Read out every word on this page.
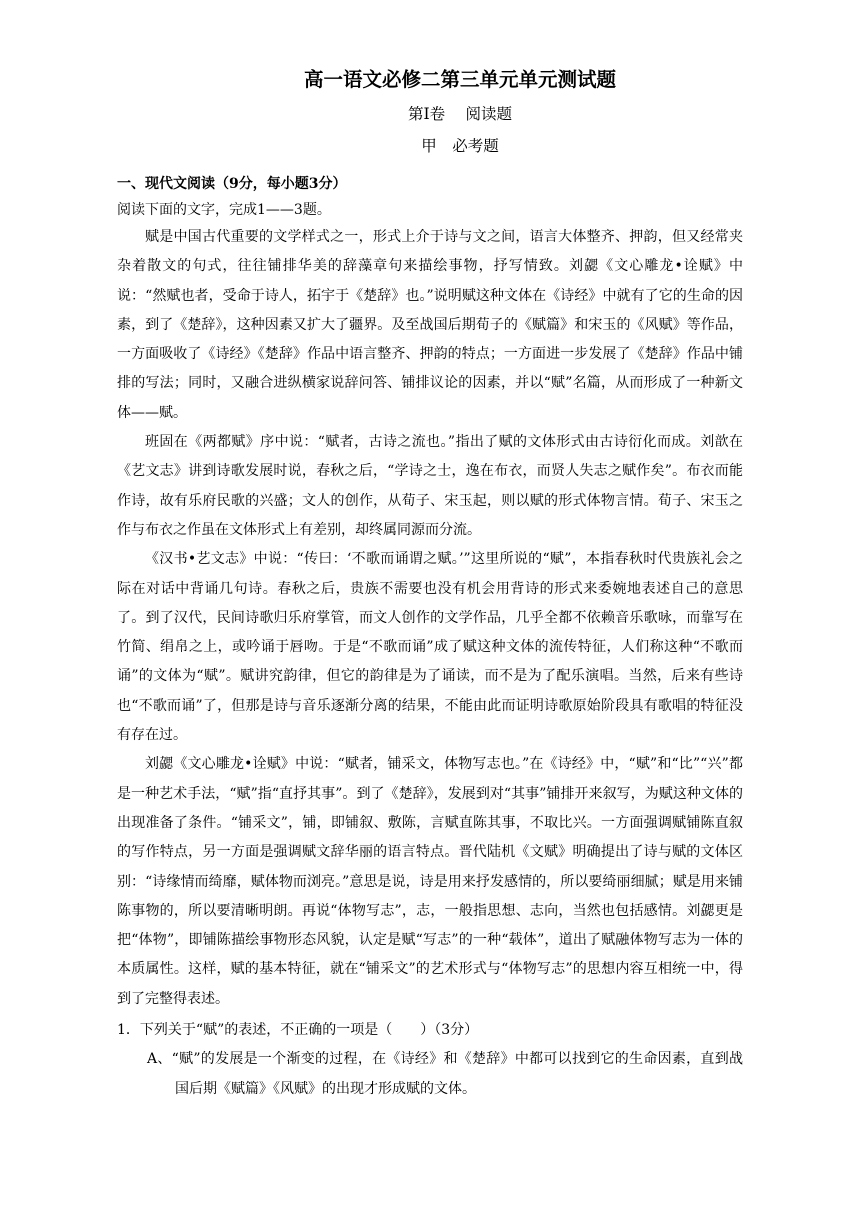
高一语文必修二第三单元单元测试题

第Ⅰ卷　 阅读题

甲　必考题

一、现代文阅读（9分，每小题3分）

阅读下面的文字，完成1——3题。

赋是中国古代重要的文学样式之一，形式上介于诗与文之间，语言大体整齐、押韵，但又经常夹杂着散文的句式，往往铺排华美的辞藻章句来描绘事物，抒写情致。刘勰《文心雕龙•诠赋》中说：“然赋也者，受命于诗人，拓宇于《楚辞》也。”说明赋这种文体在《诗经》中就有了它的生命的因素，到了《楚辞》，这种因素又扩大了疆界。及至战国后期荀子的《赋篇》和宋玉的《风赋》等作品，一方面吸收了《诗经》《楚辞》作品中语言整齐、押韵的特点；一方面进一步发展了《楚辞》作品中铺排的写法；同时，又融合进纵横家说辞问答、铺排议论的因素，并以“赋”名篇，从而形成了一种新文体——赋。

班固在《两都赋》序中说：“赋者，古诗之流也。”指出了赋的文体形式由古诗衍化而成。刘歆在《艺文志》讲到诗歌发展时说，春秋之后，“学诗之士，逸在布衣，而贤人失志之赋作矣”。布衣而能作诗，故有乐府民歌的兴盛；文人的创作，从荀子、宋玉起，则以赋的形式体物言情。荀子、宋玉之作与布衣之作虽在文体形式上有差别，却终属同源而分流。

《汉书•艺文志》中说：“传曰：‘不歌而诵谓之赋。’”这里所说的“赋”，本指春秋时代贵族礼会之际在对话中背诵几句诗。春秋之后，贵族不需要也没有机会用背诗的形式来委婉地表述自己的意思了。到了汉代，民间诗歌归乐府掌管，而文人创作的文学作品，几乎全都不依赖音乐歌咏，而靠写在竹简、绢帛之上，或吟诵于唇吻。于是“不歌而诵”成了赋这种文体的流传特征，人们称这种“不歌而诵”的文体为“赋”。赋讲究韵律，但它的韵律是为了诵读，而不是为了配乐演唱。当然，后来有些诗也“不歌而诵”了，但那是诗与音乐逐渐分离的结果，不能由此而证明诗歌原始阶段具有歌唱的特征没有存在过。

刘勰《文心雕龙•诠赋》中说：“赋者，铺采文，体物写志也。”在《诗经》中，“赋”和“比”“兴”都是一种艺术手法，“赋”指“直抒其事”。到了《楚辞》，发展到对“其事”铺排开来叙写，为赋这种文体的出现准备了条件。“铺采文”，铺，即铺叙、敷陈，言赋直陈其事，不取比兴。一方面强调赋铺陈直叙的写作特点，另一方面是强调赋文辞华丽的语言特点。晋代陆机《文赋》明确提出了诗与赋的文体区别：“诗缘情而绮靡，赋体物而浏亮。”意思是说，诗是用来抒发感情的，所以要绮丽细腻；赋是用来铺陈事物的，所以要清晰明朗。再说“体物写志”，志，一般指思想、志向，当然也包括感情。刘勰更是把“体物”，即铺陈描绘事物形态风貌，认定是赋“写志”的一种“载体”，道出了赋融体物写志为一体的本质属性。这样，赋的基本特征，就在“铺采文”的艺术形式与“体物写志”的思想内容互相统一中，得到了完整得表述。

1．下列关于“赋”的表述，不正确的一项是（　　）（3分）

A、“赋”的发展是一个渐变的过程，在《诗经》和《楚辞》中都可以找到它的生命因素，直到战国后期《赋篇》《风赋》的出现才形成赋的文体。
